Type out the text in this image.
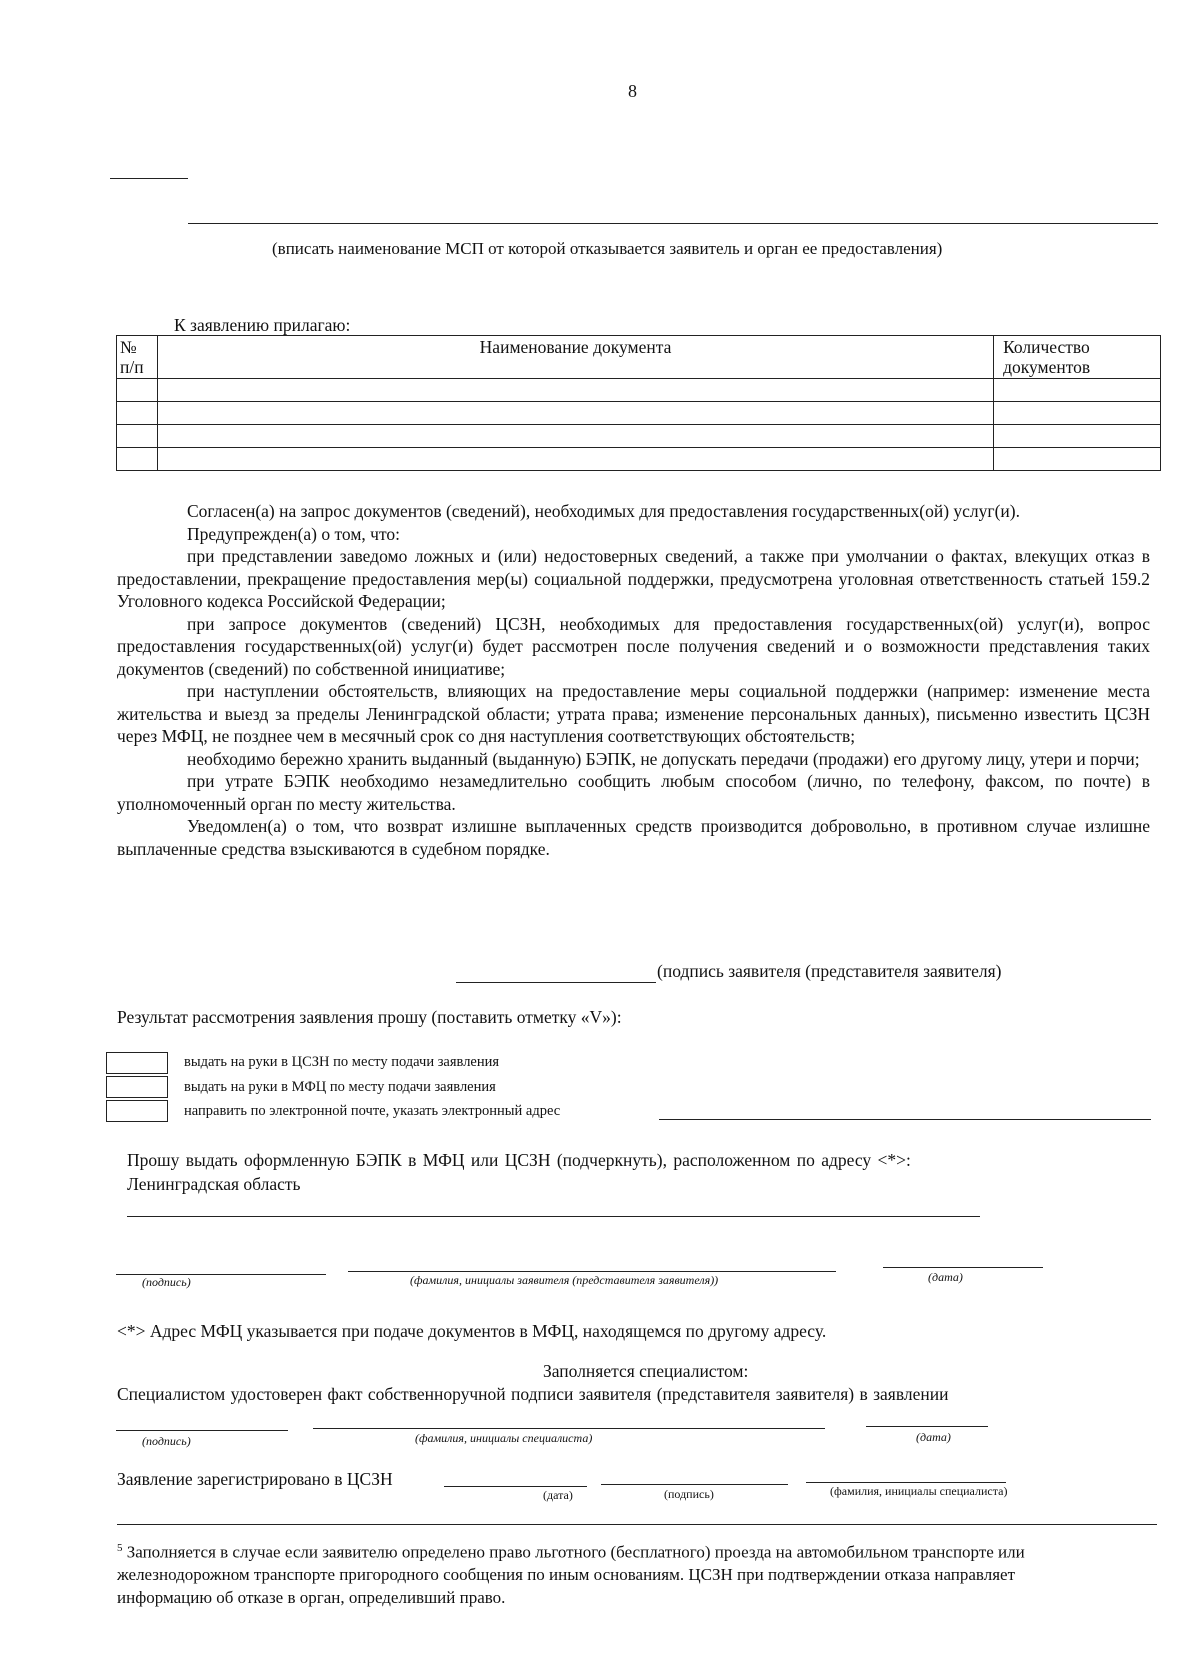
8
(вписать наименование МСП от которой отказывается заявитель и орган ее предоставления)
К заявлению прилагаю:
№ п/п	Наименование документа	Количество документов

Согласен(а) на запрос документов (сведений), необходимых для предоставления государственных(ой) услуг(и).

Предупрежден(а) о том, что:

при представлении заведомо ложных и (или) недостоверных сведений, а также при умолчании о фактах, влекущих отказ в предоставлении, прекращение предоставления мер(ы) социальной поддержки, предусмотрена уголовная ответственность статьей 159.2 Уголовного кодекса Российской Федерации;

при запросе документов (сведений) ЦСЗН, необходимых для предоставления государственных(ой) услуг(и), вопрос предоставления государственных(ой) услуг(и) будет рассмотрен после получения сведений и о возможности представления таких документов (сведений) по собственной инициативе;

при наступлении обстоятельств, влияющих на предоставление меры социальной поддержки (например: изменение места жительства и выезд за пределы Ленинградской области; утрата права; изменение персональных данных), письменно известить ЦСЗН через МФЦ, не позднее чем в месячный срок со дня наступления соответствующих обстоятельств;

необходимо бережно хранить выданный (выданную) БЭПК, не допускать передачи (продажи) его другому лицу, утери и порчи;

при утрате БЭПК необходимо незамедлительно сообщить любым способом (лично, по телефону, факсом, по почте) в уполномоченный орган по месту жительства.

Уведомлен(а) о том, что возврат излишне выплаченных средств производится добровольно, в противном случае излишне выплаченные средства взыскиваются в судебном порядке.

(подпись заявителя (представителя заявителя)
Результат рассмотрения заявления прошу (поставить отметку «V»):
выдать на руки в ЦСЗН по месту подачи заявления
выдать на руки в МФЦ по месту подачи заявления
направить по электронной почте, указать электронный адрес
Прошу выдать оформленную БЭПК в МФЦ или ЦСЗН (подчеркнуть), расположенном по адресу <*>:
Ленинградская область
(подпись)	(фамилия, инициалы заявителя (представителя заявителя))	(дата)
<*> Адрес МФЦ указывается при подаче документов в МФЦ, находящемся по другому адресу.
Заполняется специалистом:
Специалистом удостоверен факт собственноручной подписи заявителя (представителя заявителя) в заявлении
(подпись)	(фамилия, инициалы специалиста)	(дата)
Заявление зарегистрировано в ЦСЗН
(дата)	(подпись)	(фамилия, инициалы специалиста)
$^5$ Заполняется в случае если заявителю определено право льготного (бесплатного) проезда на автомобильном транспорте или железнодорожном транспорте пригородного сообщения по иным основаниям. ЦСЗН при подтверждении отказа направляет информацию об отказе в орган, определивший право.
